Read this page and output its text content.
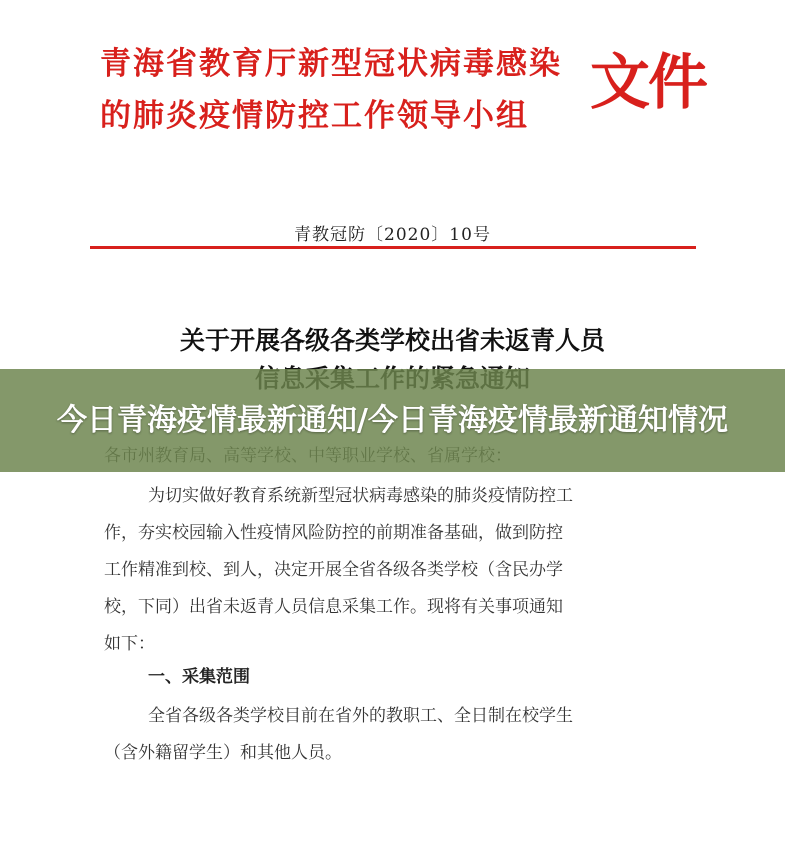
青海省教育厅新型冠状病毒感染
的肺炎疫情防控工作领导小组	文件
青教冠防〔2020〕10号
关于开展各级各类学校出省未返青人员
为切实做好教育系统新型冠状病毒感染的肺炎疫情防控工
作，夯实校园输入性疫情风险防控的前期准备基础，做到防控
工作精准到校、到人，决定开展全省各级各类学校（含民办学
校，下同）出省未返青人员信息采集工作。现将有关事项通知
如下：
一、采集范围
全省各级各类学校目前在省外的教职工、全日制在校学生
（含外籍留学生）和其他人员。
今日青海疫情最新通知/今日青海疫情最新通知情况
